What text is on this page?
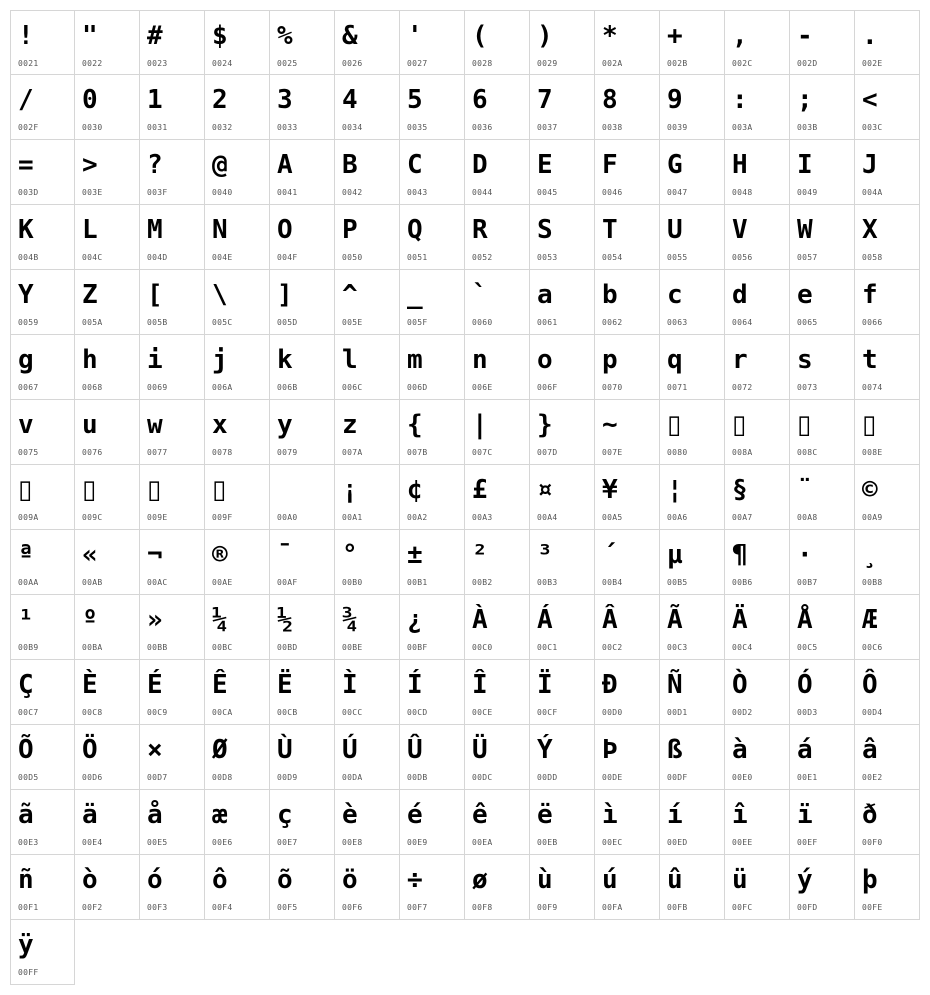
!
0021
"
0022
#
0023
$
0024
%
0025
&
0026
'
0027
(
0028
)
0029
*
002A
+
002B
,
002C
-
002D
.
002E
/
002F
0
0030
1
0031
2
0032
3
0033
4
0034
5
0035
6
0036
7
0037
8
0038
9
0039
:
003A
;
003B
<
003C
=
003D
>
003E
?
003F
@
0040
A
0041
B
0042
C
0043
D
0044
E
0045
F
0046
G
0047
H
0048
I
0049
J
004A
K
004B
L
004C
M
004D
N
004E
O
004F
P
0050
Q
0051
R
0052
S
0053
T
0054
U
0055
V
0056
W
0057
X
0058
Y
0059
Z
005A
[
005B
\
005C
]
005D
^
005E
_
005F
`
0060
a
0061
b
0062
c
0063
d
0064
e
0065
f
0066
g
0067
h
0068
i
0069
j
006A
k
006B
l
006C
m
006D
n
006E
o
006F
p
0070
q
0071
r
0072
s
0073
t
0074
v
0075
u
0076
w
0077
x
0078
y
0079
z
007A
{
007B
|
007C
}
007D
~
007E
▯
0080
▯
008A
▯
008C
▯
008E
▯
009A
▯
009C
▯
009E
▯
009F	00A0
¡
00A1
¢
00A2
£
00A3
¤
00A4
¥
00A5
¦
00A6
§
00A7
¨
00A8
©
00A9
ª
00AA
«
00AB
¬
00AC
®
00AE
¯
00AF
°
00B0
±
00B1
²
00B2
³
00B3
´
00B4
µ
00B5
¶
00B6
·
00B7
¸
00B8
¹
00B9
º
00BA
»
00BB
¼
00BC
½
00BD
¾
00BE
¿
00BF
À
00C0
Á
00C1
Â
00C2
Ã
00C3
Ä
00C4
Å
00C5
Æ
00C6
Ç
00C7
È
00C8
É
00C9
Ê
00CA
Ë
00CB
Ì
00CC
Í
00CD
Î
00CE
Ï
00CF
Ð
00D0
Ñ
00D1
Ò
00D2
Ó
00D3
Ô
00D4
Õ
00D5
Ö
00D6
×
00D7
Ø
00D8
Ù
00D9
Ú
00DA
Û
00DB
Ü
00DC
Ý
00DD
Þ
00DE
ß
00DF
à
00E0
á
00E1
â
00E2
ã
00E3
ä
00E4
å
00E5
æ
00E6
ç
00E7
è
00E8
é
00E9
ê
00EA
ë
00EB
ì
00EC
í
00ED
î
00EE
ï
00EF
ð
00F0
ñ
00F1
ò
00F2
ó
00F3
ô
00F4
õ
00F5
ö
00F6
÷
00F7
ø
00F8
ù
00F9
ú
00FA
û
00FB
ü
00FC
ý
00FD
þ
00FE
ÿ
00FF
